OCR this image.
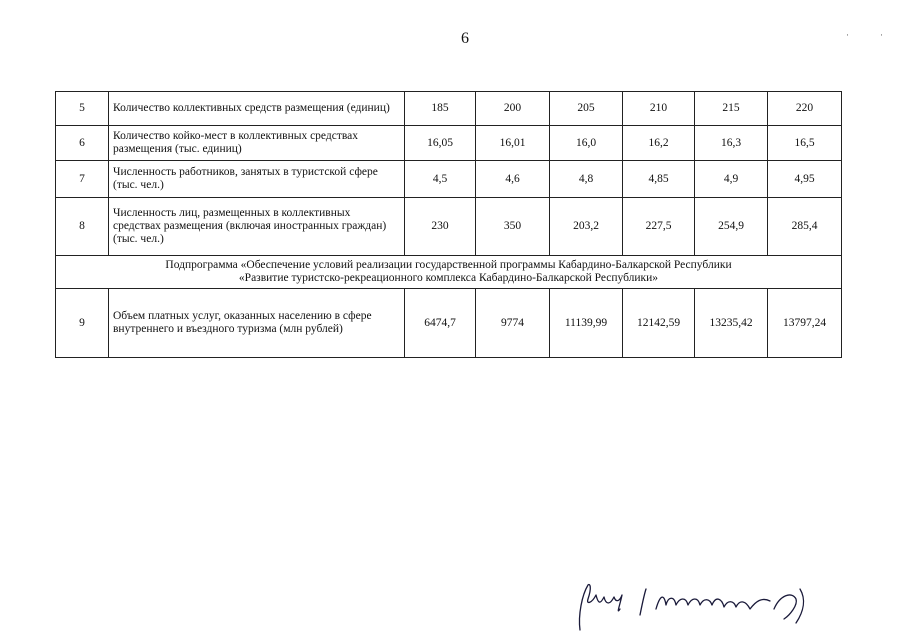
6	·	·
5	Количество коллективных средств размещения (единиц)	185	200	205	210	215	220
6	Количество койко-мест в коллективных средствах размещения (тыс. единиц)	16,05	16,01	16,0	16,2	16,3	16,5
7	Численность работников, занятых в туристской сфере (тыс. чел.)	4,5	4,6	4,8	4,85	4,9	4,95
8	Численность лиц, размещенных в коллективных средствах размещения (включая иностранных граждан) (тыс. чел.)	230	350	203,2	227,5	254,9	285,4

Подпрограмма «Обеспечение условий реализации государственной программы Кабардино-Балкарской Республики
«Развитие туристско-рекреационного комплекса Кабардино-Балкарской Республики»							

9	Объем платных услуг, оказанных населению в сфере внутреннего и въездного туризма (млн рублей)	6474,7	9774	11139,99	12142,59	13235,42	13797,24
